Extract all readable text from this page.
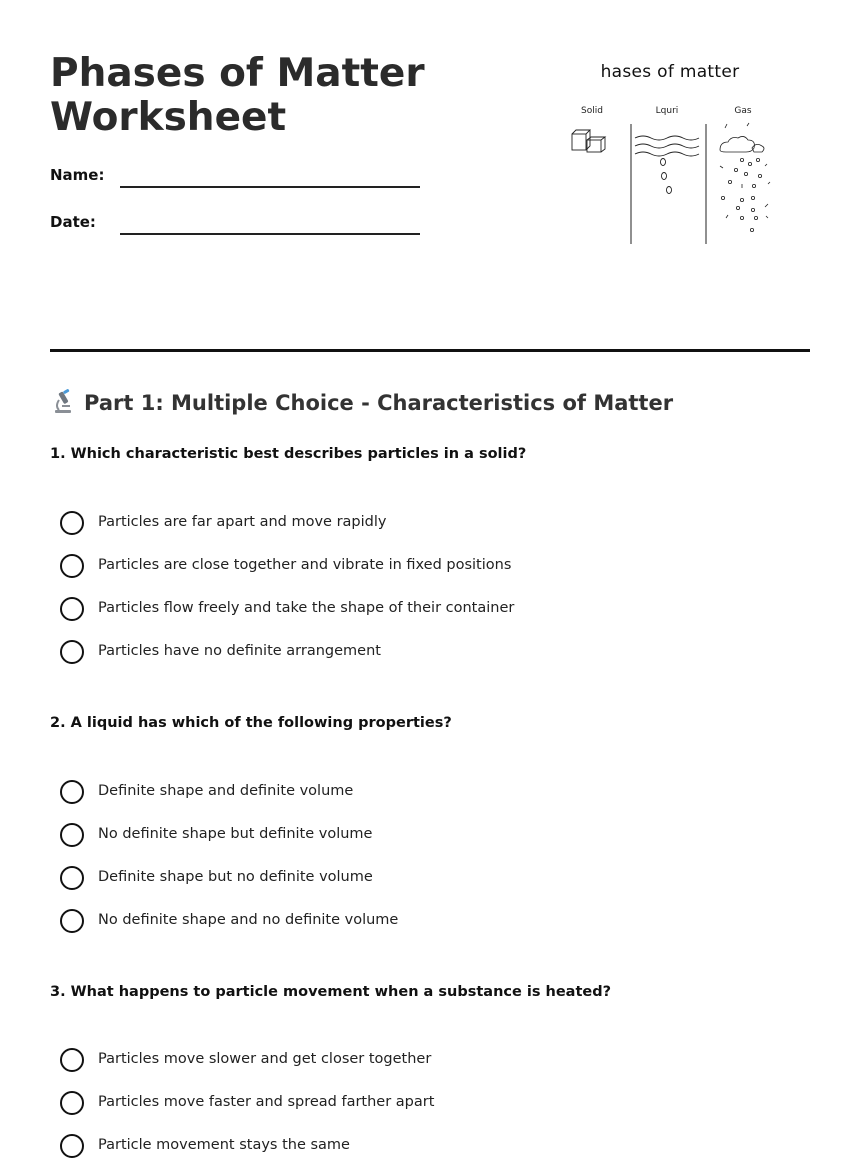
Phases of Matter Worksheet
Name:
Date:
hases of matter
Solid	Lquri	Gas
Part 1: Multiple Choice - Characteristics of Matter

1. Which characteristic best describes particles in a solid?

Particles are far apart and move rapidly
Particles are close together and vibrate in fixed positions
Particles flow freely and take the shape of their container
Particles have no definite arrangement

2. A liquid has which of the following properties?

Definite shape and definite volume
No definite shape but definite volume
Definite shape but no definite volume
No definite shape and no definite volume

3. What happens to particle movement when a substance is heated?

Particles move slower and get closer together
Particles move faster and spread farther apart
Particle movement stays the same
